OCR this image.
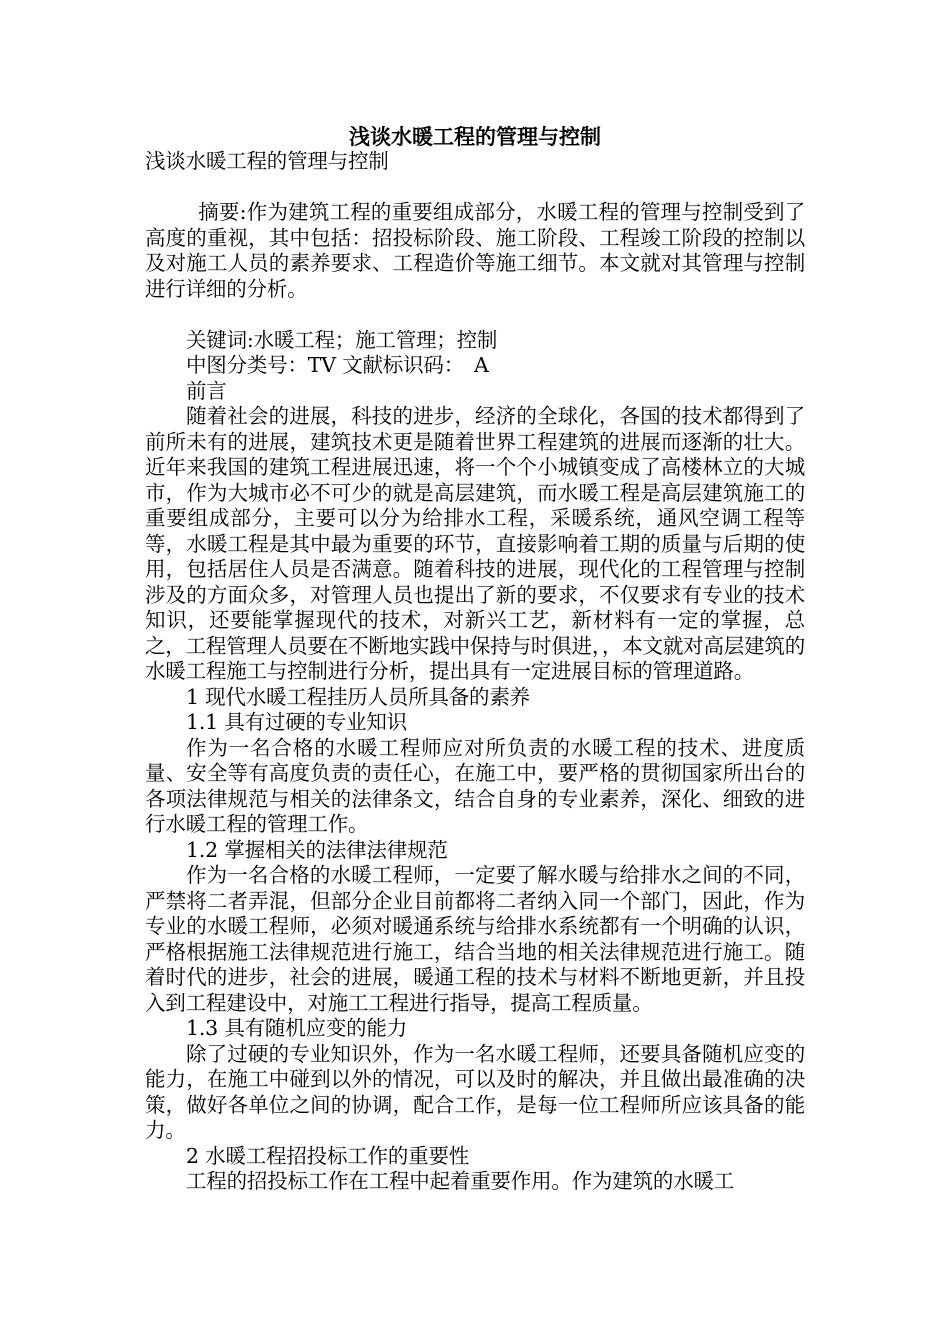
浅谈水暖工程的管理与控制

浅谈水暖工程的管理与控制

摘要:作为建筑工程的重要组成部分，水暖工程的管理与控制受到了高度的重视，其中包括：招投标阶段、施工阶段、工程竣工阶段的控制以及对施工人员的素养要求、工程造价等施工细节。本文就对其管理与控制进行详细的分析。

关键词:水暖工程；施工管理；控制

中图分类号：TV 文献标识码：　A

前言

随着社会的进展，科技的进步，经济的全球化，各国的技术都得到了前所未有的进展，建筑技术更是随着世界工程建筑的进展而逐渐的壮大。近年来我国的建筑工程进展迅速，将一个个小城镇变成了高楼林立的大城市，作为大城市必不可少的就是高层建筑，而水暖工程是高层建筑施工的重要组成部分，主要可以分为给排水工程，采暖系统，通风空调工程等等，水暖工程是其中最为重要的环节，直接影响着工期的质量与后期的使用，包括居住人员是否满意。随着科技的进展，现代化的工程管理与控制涉及的方面众多，对管理人员也提出了新的要求，不仅要求有专业的技术知识，还要能掌握现代的技术，对新兴工艺，新材料有一定的掌握，总之，工程管理人员要在不断地实践中保持与时俱进，，本文就对高层建筑的水暖工程施工与控制进行分析，提出具有一定进展目标的管理道路。

1 现代水暖工程挂历人员所具备的素养

1.1 具有过硬的专业知识

作为一名合格的水暖工程师应对所负责的水暖工程的技术、进度质量、安全等有高度负责的责任心，在施工中，要严格的贯彻国家所出台的各项法律规范与相关的法律条文，结合自身的专业素养，深化、细致的进行水暖工程的管理工作。

1.2 掌握相关的法律法律规范

作为一名合格的水暖工程师，一定要了解水暖与给排水之间的不同，严禁将二者弄混，但部分企业目前都将二者纳入同一个部门，因此，作为专业的水暖工程师，必须对暖通系统与给排水系统都有一个明确的认识，严格根据施工法律规范进行施工，结合当地的相关法律规范进行施工。随着时代的进步，社会的进展，暖通工程的技术与材料不断地更新，并且投入到工程建设中，对施工工程进行指导，提高工程质量。

1.3 具有随机应变的能力

除了过硬的专业知识外，作为一名水暖工程师，还要具备随机应变的能力，在施工中碰到以外的情况，可以及时的解决，并且做出最准确的决策，做好各单位之间的协调，配合工作，是每一位工程师所应该具备的能力。

2 水暖工程招投标工作的重要性

工程的招投标工作在工程中起着重要作用。作为建筑的水暖工
